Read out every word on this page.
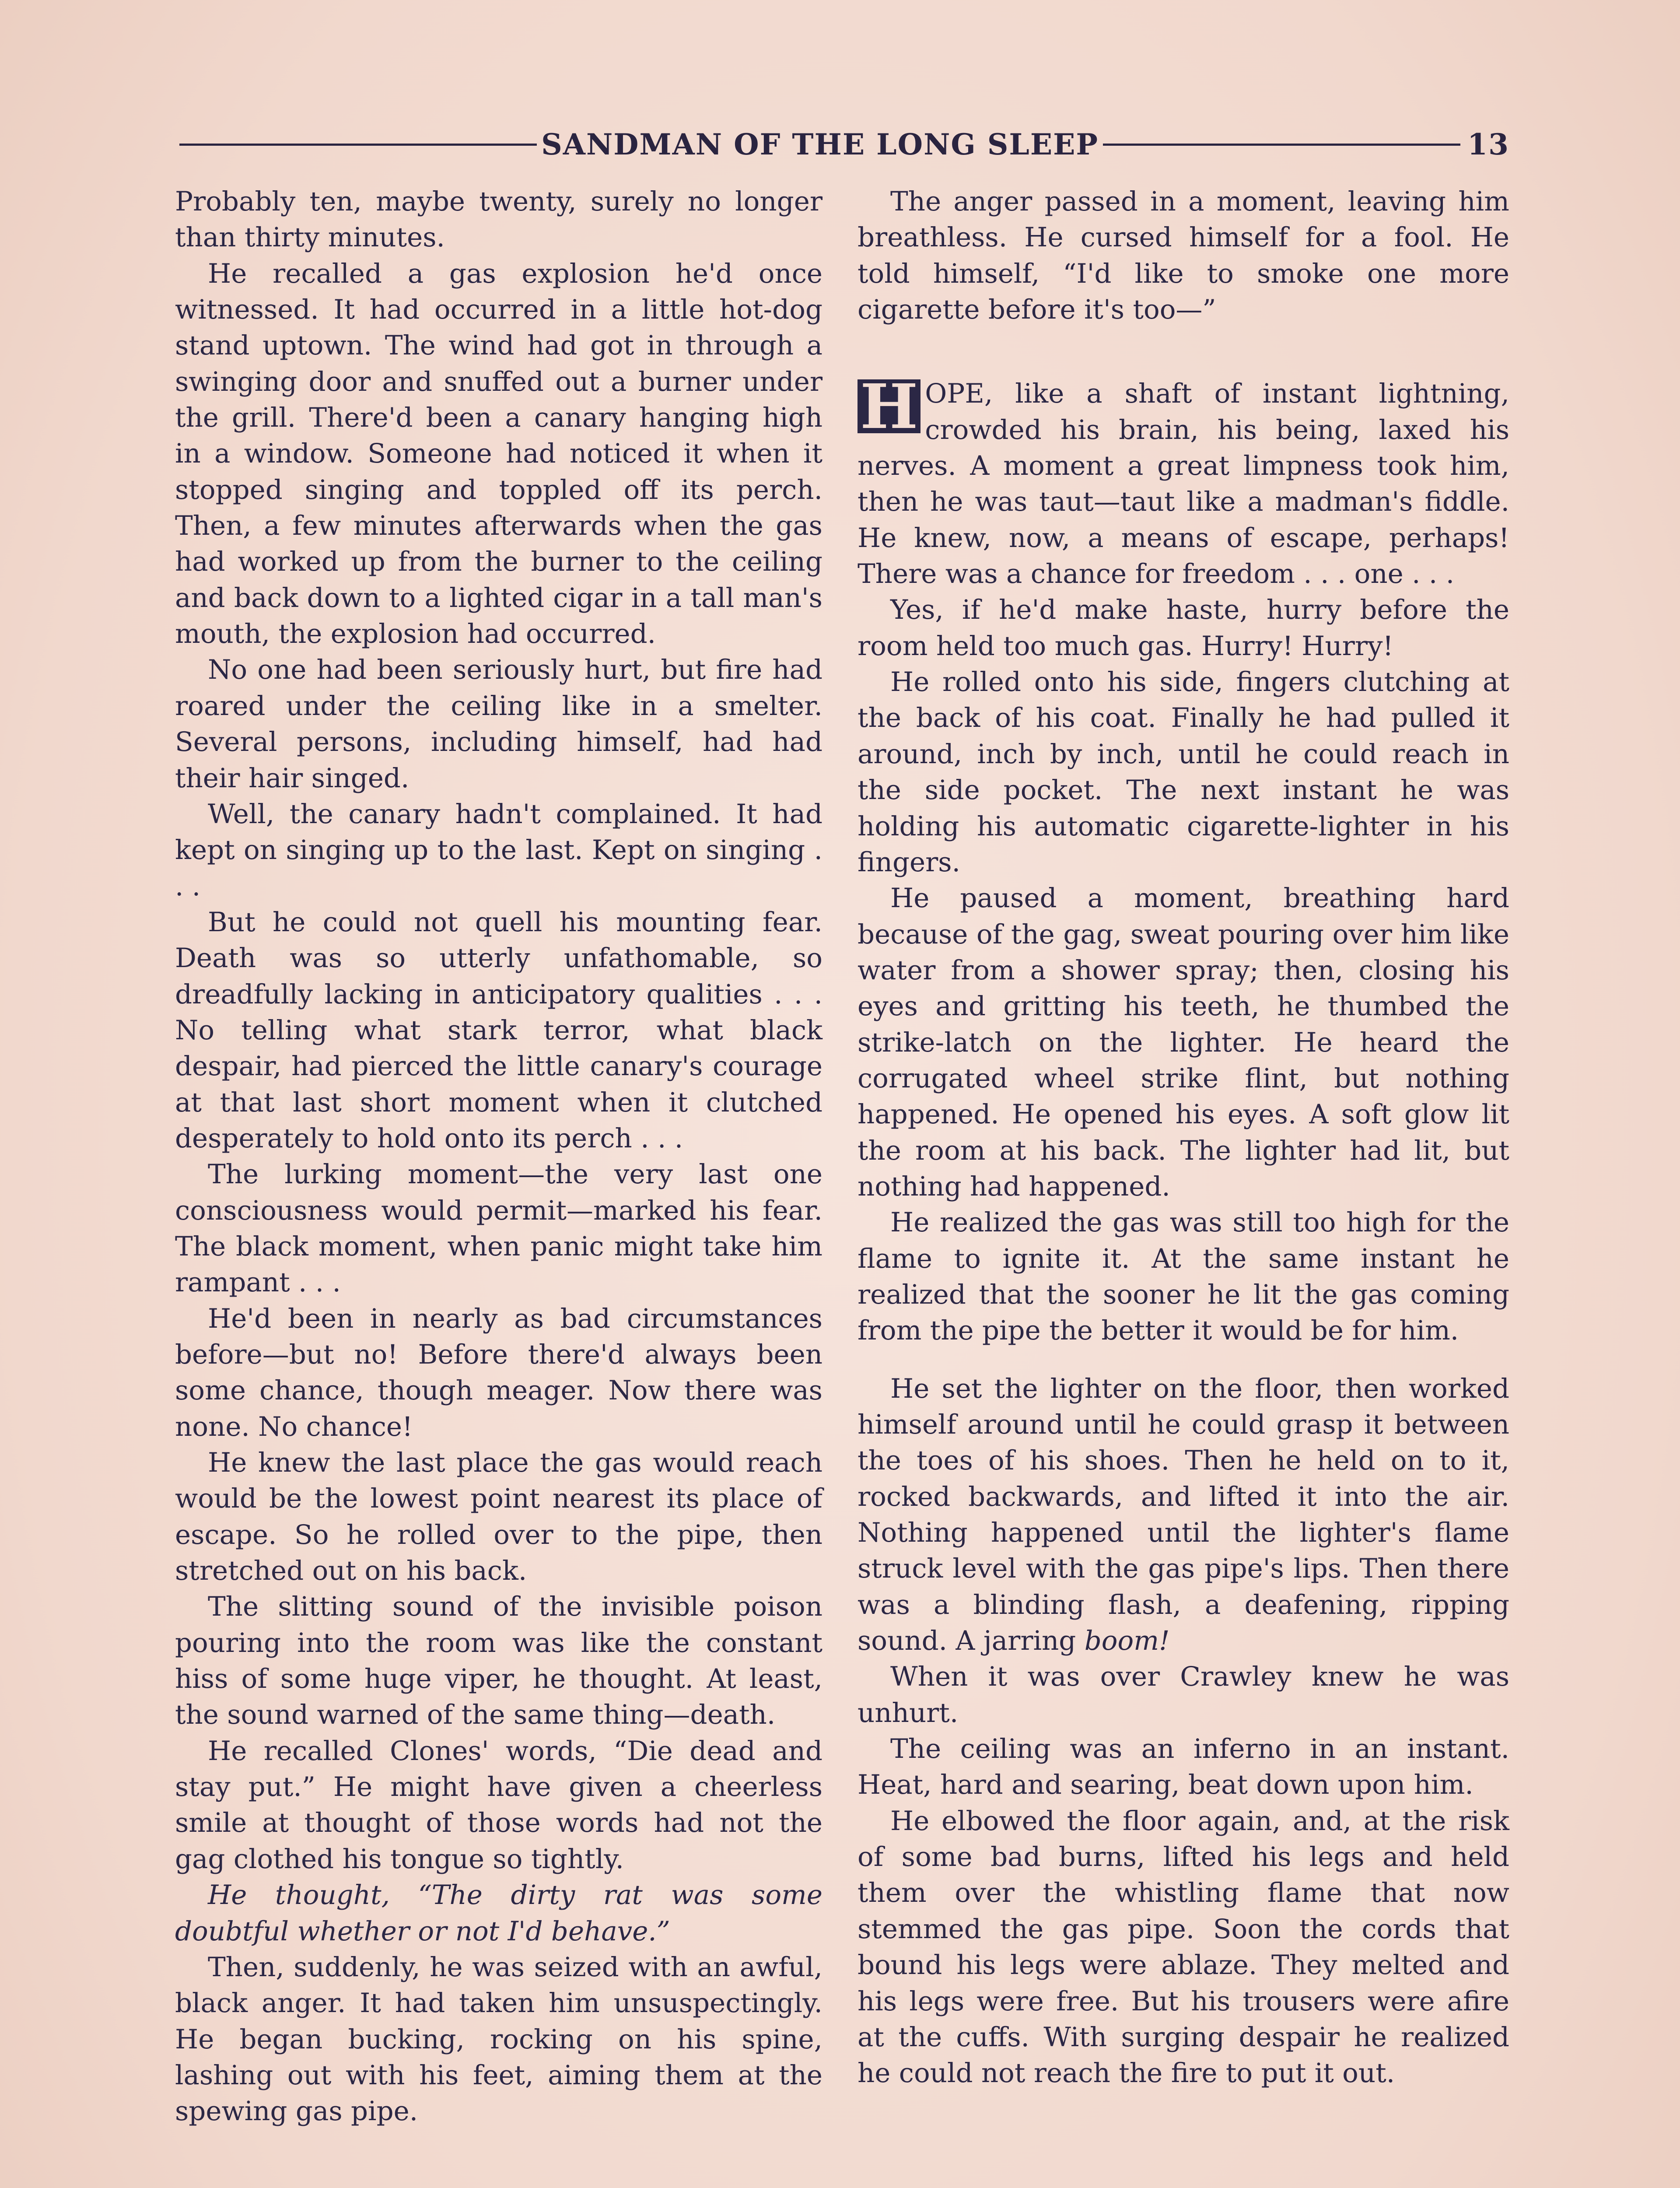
SANDMAN OF THE LONG SLEEP	13

Probably ten, maybe twenty, surely no longer than thirty minutes.

He recalled a gas explosion he'd once witnessed. It had occurred in a little hot-dog stand uptown. The wind had got in through a swinging door and snuffed out a burner under the grill. There'd been a canary hanging high in a window. Someone had noticed it when it stopped singing and toppled off its perch. Then, a few minutes afterwards when the gas had worked up from the burner to the ceiling and back down to a lighted cigar in a tall man's mouth, the explosion had occurred.

No one had been seriously hurt, but fire had roared under the ceiling like in a smelter. Several persons, including himself, had had their hair singed.

Well, the canary hadn't complained. It had kept on singing up to the last. Kept on singing . . .

But he could not quell his mounting fear. Death was so utterly unfathomable, so dreadfully lacking in anticipatory qualities . . . No telling what stark terror, what black despair, had pierced the little canary's courage at that last short moment when it clutched desperately to hold onto its perch . . .

The lurking moment—the very last one consciousness would permit—marked his fear. The black moment, when panic might take him rampant . . .

He'd been in nearly as bad circumstances before—but no! Before there'd always been some chance, though meager. Now there was none. No chance!

He knew the last place the gas would reach would be the lowest point nearest its place of escape. So he rolled over to the pipe, then stretched out on his back.

The slitting sound of the invisible poison pouring into the room was like the constant hiss of some huge viper, he thought. At least, the sound warned of the same thing—death.

He recalled Clones' words, “Die dead and stay put.” He might have given a cheerless smile at thought of those words had not the gag clothed his tongue so tightly.

He thought, “The dirty rat was some doubtful whether or not I'd behave.”

Then, suddenly, he was seized with an awful, black anger. It had taken him unsuspectingly. He began bucking, rocking on his spine, lashing out with his feet, aiming them at the spewing gas pipe.

The anger passed in a moment, leaving him breathless. He cursed himself for a fool. He told himself, “I'd like to smoke one more cigarette before it's too—”

H OPE, like a shaft of instant lightning, crowded his brain, his being, laxed his nerves. A moment a great limpness took him, then he was taut—taut like a madman's fiddle. He knew, now, a means of escape, perhaps! There was a chance for freedom . . . one . . .

Yes, if he'd make haste, hurry before the room held too much gas. Hurry! Hurry!

He rolled onto his side, fingers clutching at the back of his coat. Finally he had pulled it around, inch by inch, until he could reach in the side pocket. The next instant he was holding his automatic cigarette-lighter in his fingers.

He paused a moment, breathing hard because of the gag, sweat pouring over him like water from a shower spray; then, closing his eyes and gritting his teeth, he thumbed the strike-latch on the lighter. He heard the corrugated wheel strike flint, but nothing happened. He opened his eyes. A soft glow lit the room at his back. The lighter had lit, but nothing had happened.

He realized the gas was still too high for the flame to ignite it. At the same instant he realized that the sooner he lit the gas coming from the pipe the better it would be for him.

He set the lighter on the floor, then worked himself around until he could grasp it between the toes of his shoes. Then he held on to it, rocked backwards, and lifted it into the air. Nothing happened until the lighter's flame struck level with the gas pipe's lips. Then there was a blinding flash, a deafening, ripping sound. A jarring boom!

When it was over Crawley knew he was unhurt.

The ceiling was an inferno in an instant. Heat, hard and searing, beat down upon him.

He elbowed the floor again, and, at the risk of some bad burns, lifted his legs and held them over the whistling flame that now stemmed the gas pipe. Soon the cords that bound his legs were ablaze. They melted and his legs were free. But his trousers were afire at the cuffs. With surging despair he realized he could not reach the fire to put it out.
